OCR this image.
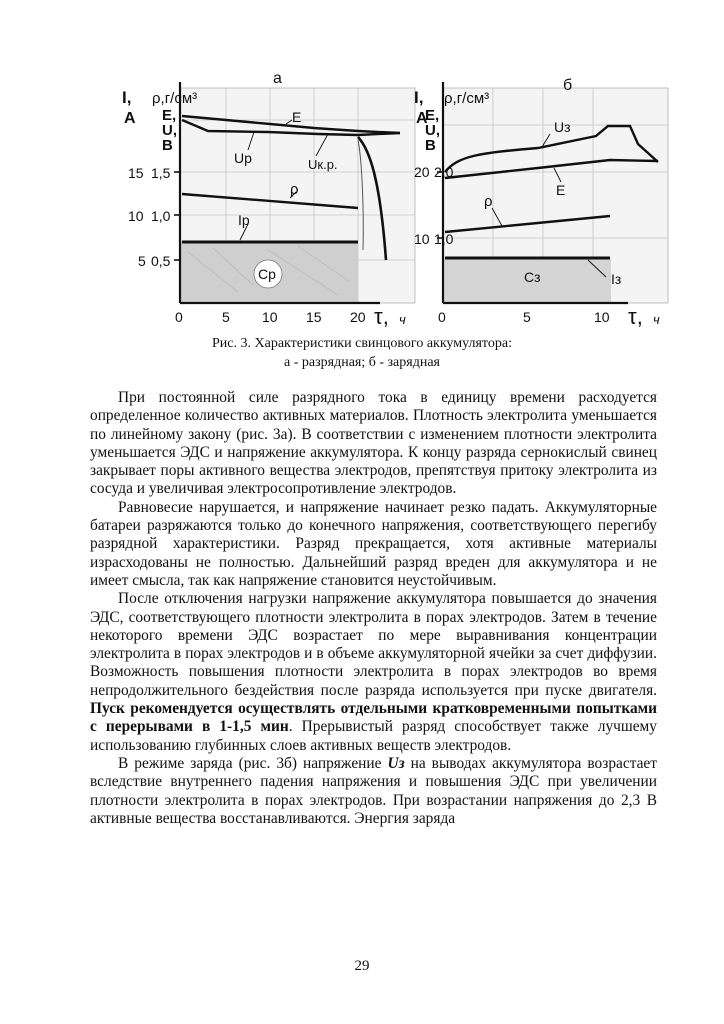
а
I,
A
ρ,г/см³
E,
U,
B
15
10
5
1,5
1,0
0,5
0	5 10 15 20 τ, ч
E
Uр	Uк.р.
ρ
Iр
Ср
б
I,
A
ρ,г/см³
E,
U,
B
20
10
2,0
1,0
0	5	10 τ, ч
Uз
E
ρ
Iз
Сз
Рис. 3. Характеристики свинцового аккумулятора:
а - разрядная; б - зарядная

При постоянной силе разрядного тока в единицу времени расходуется определенное количество активных материалов. Плотность электролита уменьшается по линейному закону (рис. 3а). В соответствии с изменением плотности электролита уменьшается ЭДС и напряжение аккумулятора. К концу разряда сернокислый свинец закрывает поры активного вещества электродов, препятствуя притоку электролита из сосуда и увеличивая электросопротивление электродов.

Равновесие нарушается, и напряжение начинает резко падать. Аккумуляторные батареи разряжаются только до конечного напряжения, соответствующего перегибу разрядной характеристики. Разряд прекращается, хотя активные материалы израсходованы не полностью. Дальнейший разряд вреден для аккумулятора и не имеет смысла, так как напряжение становится неустойчивым.

После отключения нагрузки напряжение аккумулятора повышается до значения ЭДС, соответствующего плотности электролита в порах электродов. Затем в течение некоторого времени ЭДС возрастает по мере выравнивания концентрации электролита в порах электродов и в объеме аккумуляторной ячейки за счет диффузии. Возможность повышения плотности электролита в порах электродов во время непродолжительного бездействия после разряда используется при пуске двигателя. Пуск рекомендуется осуществлять отдельными кратковременными попытками с перерывами в 1-1,5 мин. Прерывистый разряд способствует также лучшему использованию глубинных слоев активных веществ электродов.

В режиме заряда (рис. 3б) напряжение Uз на выводах аккумулятора возрастает вследствие внутреннего падения напряжения и повышения ЭДС при увеличении плотности электролита в порах электродов. При возрастании напряжения до 2,3 В активные вещества восстанавливаются. Энергия заряда

29
